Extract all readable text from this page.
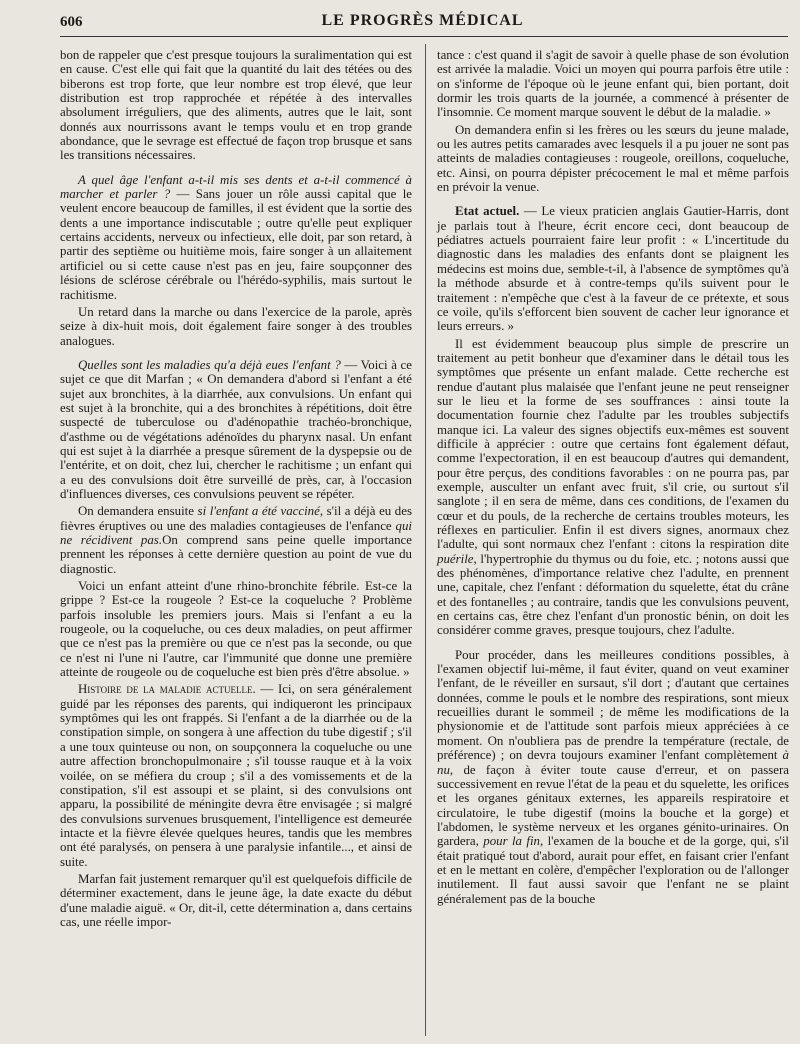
606	LE PROGRÈS MÉDICAL

bon de rappeler que c'est presque toujours la suralimentation qui est en cause. C'est elle qui fait que la quantité du lait des tétées ou des biberons est trop forte, que leur nombre est trop élevé, que leur distribution est trop rapprochée et répétée à des intervalles absolument irréguliers, que des aliments, autres que le lait, sont donnés aux nourrissons avant le temps voulu et en trop grande abondance, que le sevrage est effectué de façon trop brusque et sans les transitions nécessaires.

A quel âge l'enfant a-t-il mis ses dents et a-t-il commencé à marcher et parler ? — Sans jouer un rôle aussi capital que le veulent encore beaucoup de familles, il est évident que la sortie des dents a une importance indiscutable ; outre qu'elle peut expliquer certains accidents, nerveux ou infectieux, elle doit, par son retard, à partir des septième ou huitième mois, faire songer à un allaitement artificiel ou si cette cause n'est pas en jeu, faire soupçonner des lésions de sclérose cérébrale ou l'hérédo-syphilis, mais surtout le rachitisme.

Un retard dans la marche ou dans l'exercice de la parole, après seize à dix-huit mois, doit également faire songer à des troubles analogues.

Quelles sont les maladies qu'a déjà eues l'enfant ? — Voici à ce sujet ce que dit Marfan ; « On demandera d'abord si l'enfant a été sujet aux bronchites, à la diarrhée, aux convulsions. Un enfant qui est sujet à la bronchite, qui a des bronchites à répétitions, doit être suspecté de tuberculose ou d'adénopathie trachéo-bronchique, d'asthme ou de végétations adénoïdes du pharynx nasal. Un enfant qui est sujet à la diarrhée a presque sûrement de la dyspepsie ou de l'entérite, et on doit, chez lui, chercher le rachitisme ; un enfant qui a eu des convulsions doit être surveillé de près, car, à l'occasion d'influences diverses, ces convulsions peuvent se répéter.

On demandera ensuite si l'enfant a été vacciné, s'il a déjà eu des fièvres éruptives ou une des maladies contagieuses de l'enfance qui ne récidivent pas.On comprend sans peine quelle importance prennent les réponses à cette dernière question au point de vue du diagnostic.

Voici un enfant atteint d'une rhino-bronchite fébrile. Est-ce la grippe ? Est-ce la rougeole ? Est-ce la coqueluche ? Problème parfois insoluble les premiers jours. Mais si l'enfant a eu la rougeole, ou la coqueluche, ou ces deux maladies, on peut affirmer que ce n'est pas la première ou que ce n'est pas la seconde, ou que ce n'est ni l'une ni l'autre, car l'immunité que donne une première atteinte de rougeole ou de coqueluche est bien près d'être absolue. »

Histoire de la maladie actuelle. — Ici, on sera généralement guidé par les réponses des parents, qui indiqueront les principaux symptômes qui les ont frappés. Si l'enfant a de la diarrhée ou de la constipation simple, on songera à une affection du tube digestif ; s'il a une toux quinteuse ou non, on soupçonnera la coqueluche ou une autre affection bronchopulmonaire ; s'il tousse rauque et à la voix voilée, on se méfiera du croup ; s'il a des vomissements et de la constipation, s'il est assoupi et se plaint, si des convulsions ont apparu, la possibilité de méningite devra être envisagée ; si malgré des convulsions survenues brusquement, l'intelligence est demeurée intacte et la fièvre élevée quelques heures, tandis que les membres ont été paralysés, on pensera à une paralysie infantile..., et ainsi de suite.

Marfan fait justement remarquer qu'il est quelquefois difficile de déterminer exactement, dans le jeune âge, la date exacte du début d'une maladie aiguë. « Or, dit-il, cette détermination a, dans certains cas, une réelle impor-

tance : c'est quand il s'agit de savoir à quelle phase de son évolution est arrivée la maladie. Voici un moyen qui pourra parfois être utile : on s'informe de l'époque où le jeune enfant qui, bien portant, doit dormir les trois quarts de la journée, a commencé à présenter de l'insomnie. Ce moment marque souvent le début de la maladie. »

On demandera enfin si les frères ou les sœurs du jeune malade, ou les autres petits camarades avec lesquels il a pu jouer ne sont pas atteints de maladies contagieuses : rougeole, oreillons, coqueluche, etc. Ainsi, on pourra dépister précocement le mal et même parfois en prévoir la venue.

Etat actuel. — Le vieux praticien anglais Gautier-Harris, dont je parlais tout à l'heure, écrit encore ceci, dont beaucoup de pédiatres actuels pourraient faire leur profit : « L'incertitude du diagnostic dans les maladies des enfants dont se plaignent les médecins est moins due, semble-t-il, à l'absence de symptômes qu'à la méthode absurde et à contre-temps qu'ils suivent pour le traitement : n'empêche que c'est à la faveur de ce prétexte, et sous ce voile, qu'ils s'efforcent bien souvent de cacher leur ignorance et leurs erreurs. »

Il est évidemment beaucoup plus simple de prescrire un traitement au petit bonheur que d'examiner dans le détail tous les symptômes que présente un enfant malade. Cette recherche est rendue d'autant plus malaisée que l'enfant jeune ne peut renseigner sur le lieu et la forme de ses souffrances : ainsi toute la documentation fournie chez l'adulte par les troubles subjectifs manque ici. La valeur des signes objectifs eux-mêmes est souvent difficile à apprécier : outre que certains font également défaut, comme l'expectoration, il en est beaucoup d'autres qui demandent, pour être perçus, des conditions favorables : on ne pourra pas, par exemple, ausculter un enfant avec fruit, s'il crie, ou surtout s'il sanglote ; il en sera de même, dans ces conditions, de l'examen du cœur et du pouls, de la recherche de certains troubles moteurs, les réflexes en particulier. Enfin il est divers signes, anormaux chez l'adulte, qui sont normaux chez l'enfant : citons la respiration dite puérile, l'hypertrophie du thymus ou du foie, etc. ; notons aussi que des phénomènes, d'importance relative chez l'adulte, en prennent une, capitale, chez l'enfant : déformation du squelette, état du crâne et des fontanelles ; au contraire, tandis que les convulsions peuvent, en certains cas, être chez l'enfant d'un pronostic bénin, on doit les considérer comme graves, presque toujours, chez l'adulte.

Pour procéder, dans les meilleures conditions possibles, à l'examen objectif lui-même, il faut éviter, quand on veut examiner l'enfant, de le réveiller en sursaut, s'il dort ; d'autant que certaines données, comme le pouls et le nombre des respirations, sont mieux recueillies durant le sommeil ; de même les modifications de la physionomie et de l'attitude sont parfois mieux appréciées à ce moment. On n'oubliera pas de prendre la température (rectale, de préférence) ; on devra toujours examiner l'enfant complètement à nu, de façon à éviter toute cause d'erreur, et on passera successivement en revue l'état de la peau et du squelette, les orifices et les organes génitaux externes, les appareils respiratoire et circulatoire, le tube digestif (moins la bouche et la gorge) et l'abdomen, le système nerveux et les organes génito-urinaires. On gardera, pour la fin, l'examen de la bouche et de la gorge, qui, s'il était pratiqué tout d'abord, aurait pour effet, en faisant crier l'enfant et en le mettant en colère, d'empêcher l'exploration ou de l'allonger inutilement. Il faut aussi savoir que l'enfant ne se plaint généralement pas de la bouche
